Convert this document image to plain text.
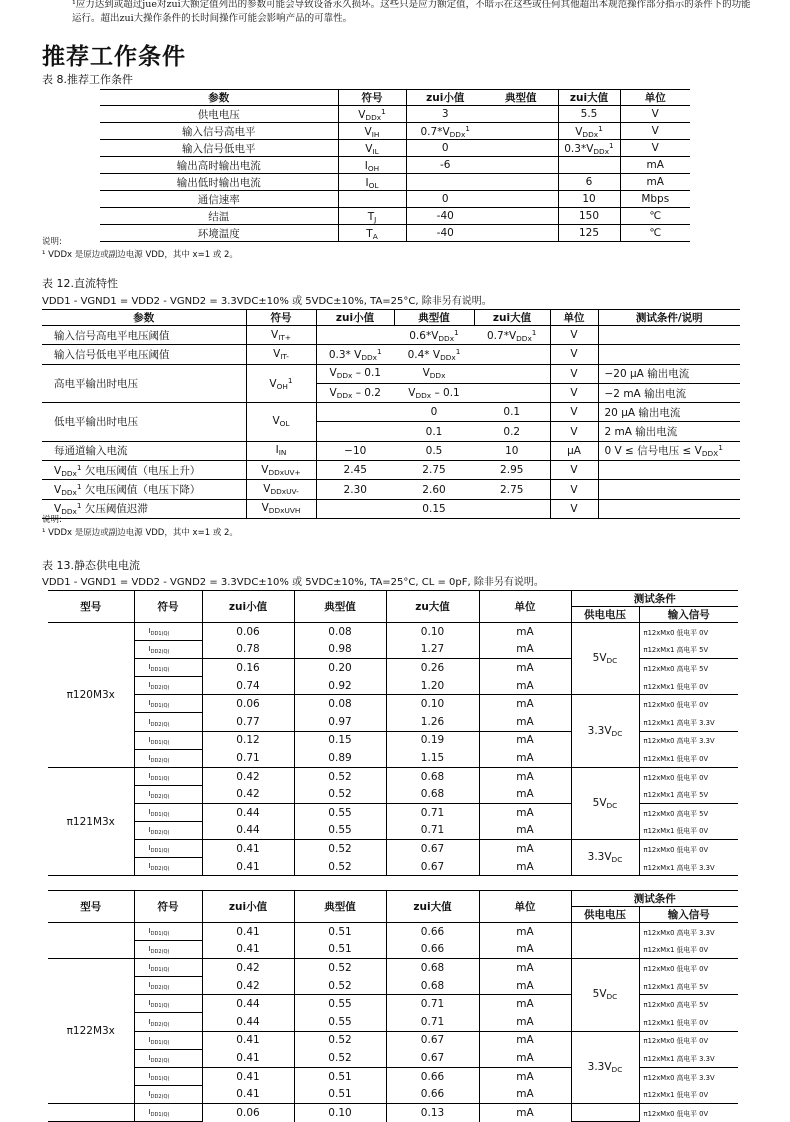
¹应力达到或超过jue对zui大额定值列出的参数可能会导致设备永久损坏。这些只是应力额定值，不暗示在这些或任何其他超出本规范操作部分指示的条件下的功能运行。超出zui大操作条件的长时间操作可能会影响产品的可靠性。
推荐工作条件
表 8.推荐工作条件
参数	符号	zui小值	典型值	zui大值	单位
供电电压	VDDx$^1$	3		5.5	V
输入信号高电平	VIH	0.7*VDDx$^1$		VDDx$^1$	V
输入信号低电平	VIL	0		0.3*VDDx$^1$	V
输出高时输出电流	IOH	-6			mA
输出低时输出电流	IOL			6	mA
通信速率		0		10	Mbps
结温	TJ	-40		150	℃
环境温度	TA	-40		125	℃
说明:
¹ VDDx 是原边或副边电源 VDD，其中 x=1 或 2。
表 12.直流特性
VDD1 - VGND1 = VDD2 - VGND2 = 3.3VDC±10% 或 5VDC±10%, TA=25°C, 除非另有说明。
参数	符号	zui小值	典型值	zui大值	单位	测试条件/说明
输入信号高电平电压阈值	VIT+		0.6*VDDx$^1$	0.7*VDDx$^1$	V	
输入信号低电平电压阈值	VIT-	0.3* VDDx$^1$	0.4* VDDx$^1$		V	
高电平输出时电压	VOH$^1$	VDDx – 0.1	VDDx		V	−20 µA 输出电流
		VDDx – 0.2	VDDx – 0.1		V	−2 mA 输出电流
低电平输出时电压	VOL		0	0.1	V	20 µA 输出电流
			0.1	0.2	V	2 mA 输出电流
每通道输入电流	IIN	−10	0.5	10	µA	0 V ≤ 信号电压 ≤ $VDDX^1$
VDDx$^1$ 欠电压阈值（电压上升）	VDDxUV+	2.45	2.75	2.95	V	
VDDx$^1$ 欠电压阈值（电压下降）	VDDxUV-	2.30	2.60	2.75	V	
VDDx$^1$ 欠压阈值迟滞	VDDxUVH		0.15		V	
说明:
¹ VDDx 是原边或副边电源 VDD，其中 x=1 或 2。
表 13.静态供电电流
VDD1 - VGND1 = VDD2 - VGND2 = 3.3VDC±10% 或 5VDC±10%, TA=25°C, CL = 0pF, 除非另有说明。
型号	符号	zui小值	典型值	zu大值	单位	测试条件	
						供电电压	输入信号
π120M3x	$I_{DD1(Q)}$	0.06	0.08	0.10	mA	5VDC	π12xMx0 低电平 0V
	$I_{DD2(Q)}$	0.78	0.98	1.27	mA		π12xMx1 高电平 5V
	$I_{DD1(Q)}$	0.16	0.20	0.26	mA		π12xMx0 高电平 5V
	$I_{DD2(Q)}$	0.74	0.92	1.20	mA		π12xMx1 低电平 0V
	$I_{DD1(Q)}$	0.06	0.08	0.10	mA	3.3VDC	π12xMx0 低电平 0V
	$I_{DD2(Q)}$	0.77	0.97	1.26	mA		π12xMx1 高电平 3.3V
	$I_{DD1(Q)}$	0.12	0.15	0.19	mA		π12xMx0 高电平 3.3V
	$I_{DD2(Q)}$	0.71	0.89	1.15	mA		π12xMx1 低电平 0V
π121M3x	$I_{DD1(Q)}$	0.42	0.52	0.68	mA	5VDC	π12xMx0 低电平 0V
	$I_{DD2(Q)}$	0.42	0.52	0.68	mA		π12xMx1 高电平 5V
	$I_{DD1(Q)}$	0.44	0.55	0.71	mA		π12xMx0 高电平 5V
	$I_{DD2(Q)}$	0.44	0.55	0.71	mA		π12xMx1 低电平 0V
	$I_{DD1(Q)}$	0.41	0.52	0.67	mA	3.3VDC	π12xMx0 低电平 0V
	$I_{DD2(Q)}$	0.41	0.52	0.67	mA		π12xMx1 高电平 3.3V
型号	符号	zui小值	典型值	zui大值	单位	测试条件	
						供电电压	输入信号
	$I_{DD1(Q)}$	0.41	0.51	0.66	mA		π12xMx0 高电平 3.3V
	$I_{DD2(Q)}$	0.41	0.51	0.66	mA		π12xMx1 低电平 0V
π122M3x	$I_{DD1(Q)}$	0.42	0.52	0.68	mA	5VDC	π12xMx0 低电平 0V
	$I_{DD2(Q)}$	0.42	0.52	0.68	mA		π12xMx1 高电平 5V
	$I_{DD1(Q)}$	0.44	0.55	0.71	mA		π12xMx0 高电平 5V
	$I_{DD2(Q)}$	0.44	0.55	0.71	mA		π12xMx1 低电平 0V
	$I_{DD1(Q)}$	0.41	0.52	0.67	mA	3.3VDC	π12xMx0 低电平 0V
	$I_{DD2(Q)}$	0.41	0.52	0.67	mA		π12xMx1 高电平 3.3V
	$I_{DD1(Q)}$	0.41	0.51	0.66	mA		π12xMx0 高电平 3.3V
	$I_{DD2(Q)}$	0.41	0.51	0.66	mA		π12xMx1 低电平 0V
	$I_{DD1(Q)}$	0.06	0.10	0.13	mA		π12xMx0 低电平 0V
